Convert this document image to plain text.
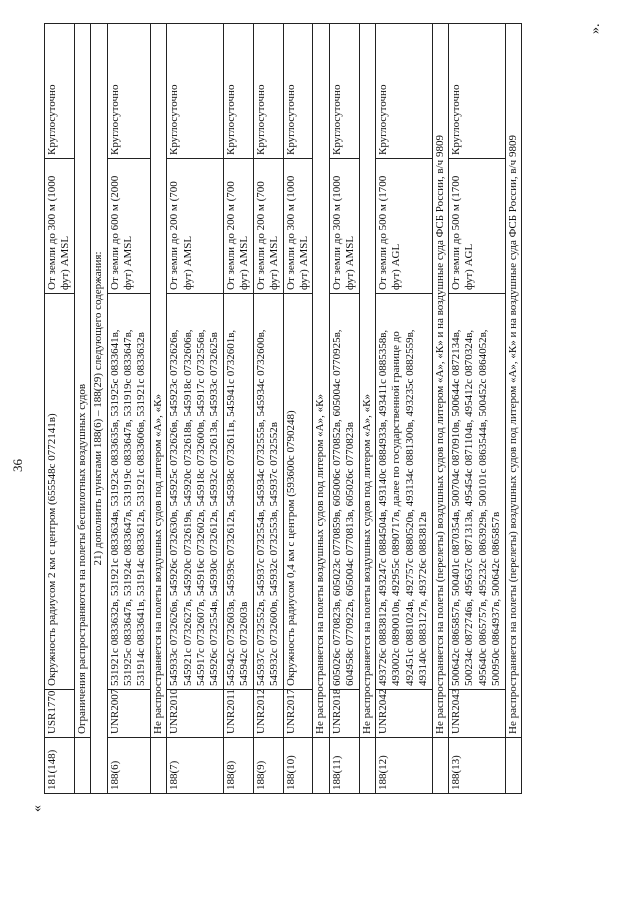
36
«
».
181(148)	USR1770	Окружность радиусом 2 км с центром (655548с 0772141в)	От земли до 300 м (1000 фут) AMSL	Круглосуточно
	Ограничения распространяются на полеты беспилотных воздушных судов			
21) дополнить пунктами 188(6) – 188(29) следующего содержания:				
188(6)	UNR2007	531921с 0833632в, 531921с 0833634в, 531923с 0833635в, 531925с 0833641в, 531925с 0833647в, 531924с 0833647в, 531919с 0833647в, 531919с 0833647в, 531914с 0833641в, 531914с 0833612в, 531921с 0833606в, 531921с 0833632в	От земли до 600 м (2000 фут) AMSL	Круглосуточно
	Не распространяется на полеты воздушных судов под литером «А», «К»			
188(7)	UNR2010	545933с 0732626в, 545926с 0732630в, 545925с 0732626в, 545923с 0732626в, 545921с 0732627в, 545920с 0732619в, 545920с 0732618в, 545918с 0732606в, 545917с 0732607в, 545916с 0732602в, 545918с 0732600в, 545917с 0732556в, 545926с 0732554в, 545930с 0732612в, 545932с 0732613в, 545933с 0732625в	От земли до 200 м (700 фут) AMSL	Круглосуточно
188(8)	UNR2011	545942с 0732603в, 545939с 0732612в, 545938с 0732611в, 545941с 0732601в, 545942с 0732603в	От земли до 200 м (700 фут) AMSL	Круглосуточно
188(9)	UNR2012	545937с 0732552в, 545937с 0732554в, 545934с 0732555в, 545934с 0732600в, 545932с 0732600в, 545932с 0732553в, 545937с 0732552в	От земли до 200 м (700 фут) AMSL	Круглосуточно
188(10)	UNR2017	Окружность радиусом 0,4 км с центром (593600с 0790248)	От земли до 300 м (1000 фут) AMSL	Круглосуточно
	Не распространяется на полеты воздушных судов под литером «А», «К»			
188(11)	UNR2018	605026с 0770823в, 605023с 0770859в, 605006с 0770852в, 605004с 0770925в, 604958с 0770922в, 605004с 0770813в, 605026с 0770823в	От земли до 300 м (1000 фут) AMSL	Круглосуточно
	Не распространяется на полеты воздушных судов под литером «А», «К»			
188(12)	UNR2042	493726с 0883812в, 493247с 0884504в, 493140с 0884933в, 493411с 0885358в, 493002с 0890010в, 492955с 0890717в, далее по государственной границе до 492451с 0881024в, 492757с 0880520в, 493134с 0881300в, 493235с 0882559в, 493140с 0883127в, 493726с 0883812в	От земли до 500 м (1700 фут) AGL	Круглосуточно
	Не распространяется на полеты (перелеты) воздушных судов под литером «А», «К» и на воздушные суда ФСБ России, в/ч 9809			
188(13)	UNR2043	500642с 0865857в, 500401с 0870354в, 500704с 0870910в, 500644с 0872134в, 500234с 0872746в, 495637с 0871313в, 495454с 0871104в, 495412с 0870324в, 495640с 0865757в, 495232с 0863929в, 500101с 0863544в, 500452с 0864052в, 500950с 0864937в, 500642с 0865857в	От земли до 500 м (1700 фут) AGL	Круглосуточно
	Не распространяется на полеты (перелеты) воздушных судов под литером «А», «К» и на воздушные суда ФСБ России, в/ч 9809			
